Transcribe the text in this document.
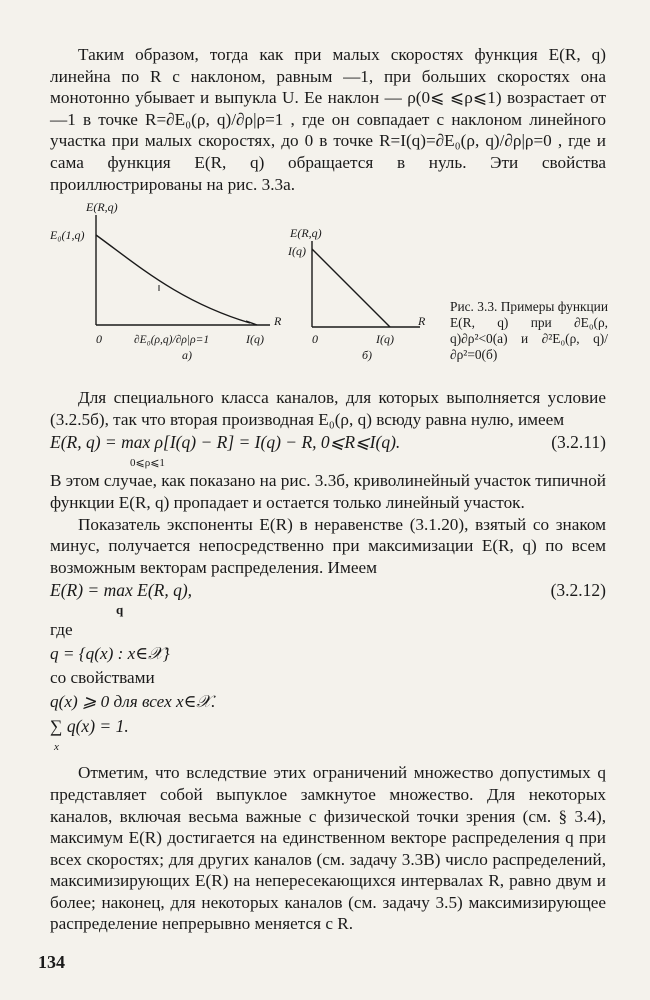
Таким образом, тогда как при малых скоростях функция E(R, q) линейна по R с наклоном, равным —1, при больших скоростях она монотонно убывает и выпукла U. Ее наклон — ρ(0⩽ ⩽ρ⩽1) возрастает от —1 в точке R=∂E₀(ρ, q)/∂ρ|ρ=1 , где он совпадает с наклоном линейного участка при малых скоростях, до 0 в точке R=I(q)=∂E₀(ρ, q)/∂ρ|ρ=0 , где и сама функция E(R, q) обращается в нуль. Эти свойства проиллюстрированы на рис. 3.3а.

E(R,q)
E₀(1,q)
R
0	∂E₀(ρ,q)/∂ρ|ρ=1	I(q)
а)
E(R,q)
I(q)
R
0	I(q)
б)
Рис. 3.3. Примеры функции E(R, q) при ∂E₀(ρ, q)∂ρ²<0(а) и ∂²E₀(ρ, q)/∂ρ²=0(б)

Для специального класса каналов, для которых выполняется условие (3.2.5б), так что вторая производная E₀(ρ, q) всюду равна нулю, имеем

E(R, q) = max ρ[I(q) − R] = I(q) − R, 0⩽R⩽I(q).
0⩽ρ⩽1
(3.2.11)

В этом случае, как показано на рис. 3.3б, криволинейный участок типичной функции E(R, q) пропадает и остается только линейный участок.

Показатель экспоненты E(R) в неравенстве (3.1.20), взятый со знаком минус, получается непосредственно при максимизации E(R, q) по всем возможным векторам распределения. Имеем

E(R) = max E(R, q),
q
(3.2.12)
где
q = {q(x) : x∈𝒳}
со свойствами
q(x) ⩾ 0 для всех x∈𝒳.
∑ q(x) = 1.
x

Отметим, что вследствие этих ограничений множество допустимых q представляет собой выпуклое замкнутое множество. Для некоторых каналов, включая весьма важные с физической точки зрения (см. § 3.4), максимум E(R) достигается на единственном векторе распределения q при всех скоростях; для других каналов (см. задачу 3.3В) число распределений, максимизирующих E(R) на непересекающихся интервалах R, равно двум и более; наконец, для некоторых каналов (см. задачу 3.5) максимизирующее распределение непрерывно меняется с R.

134
